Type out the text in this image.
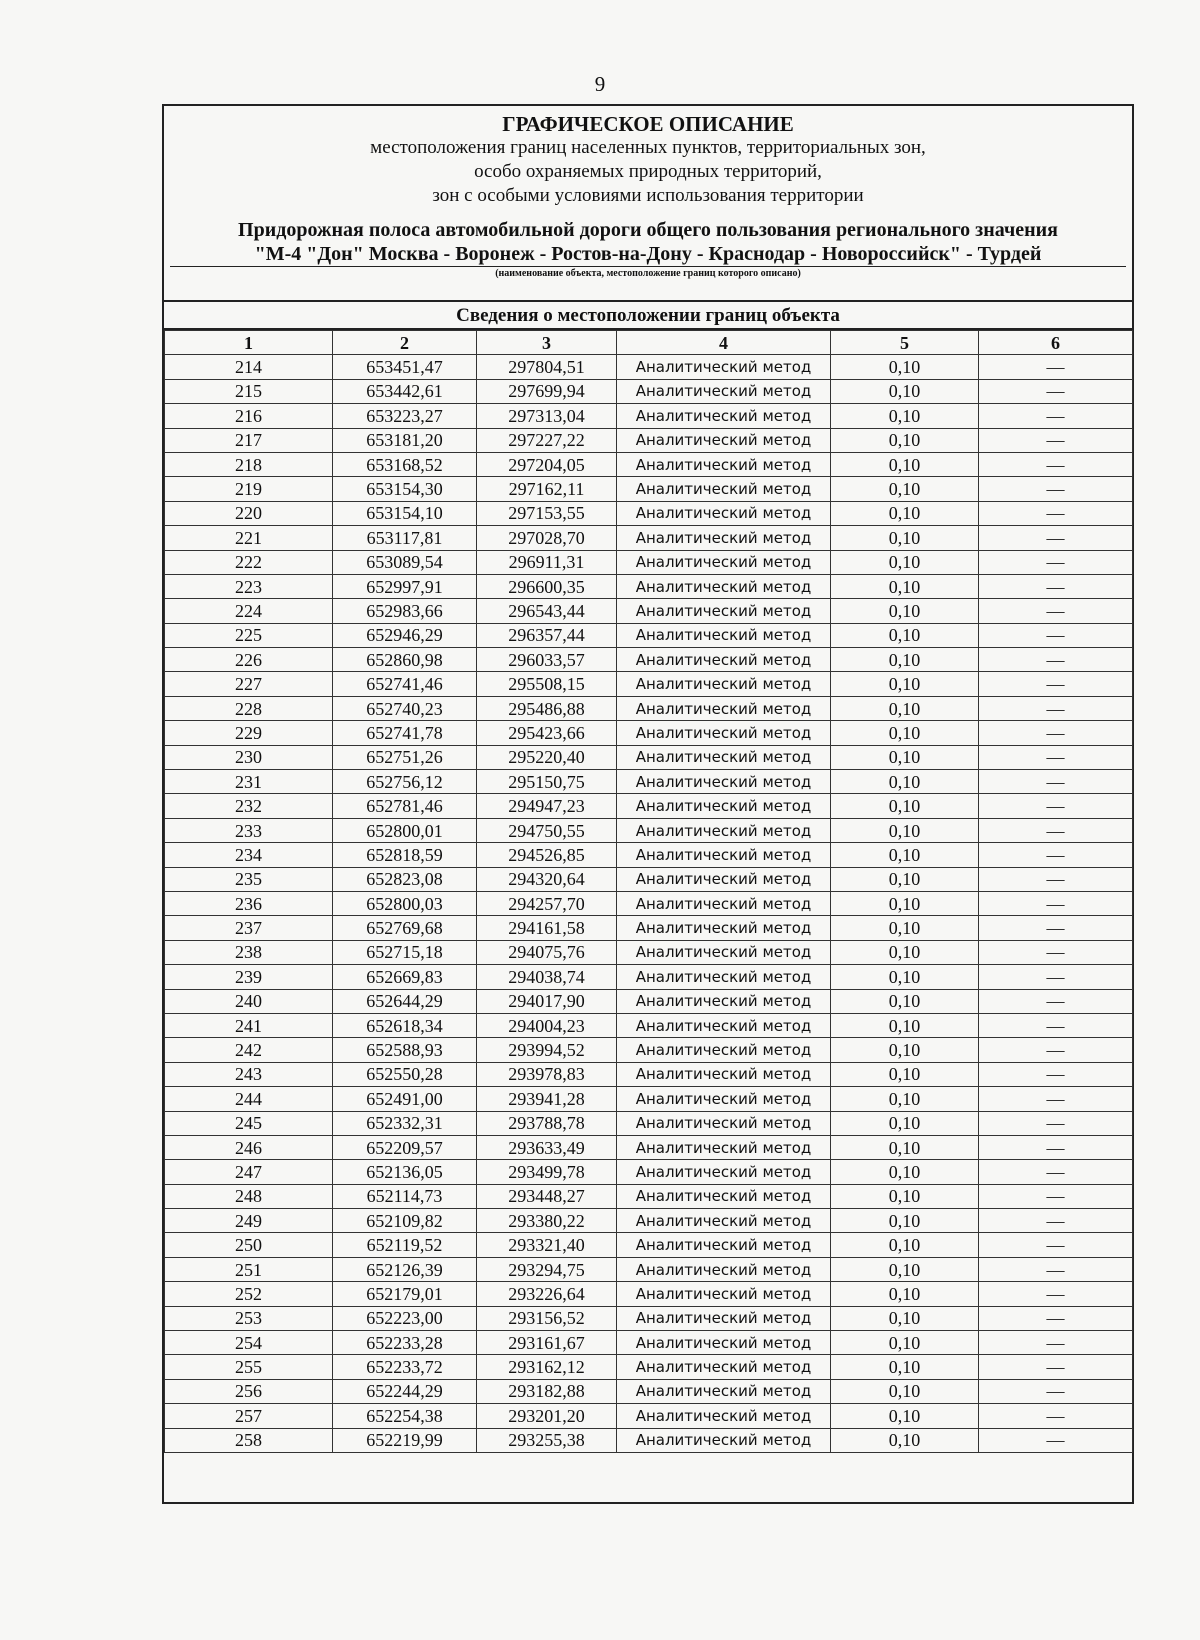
9
ГРАФИЧЕСКОЕ ОПИСАНИЕ
местоположения границ населенных пунктов, территориальных зон,
особо охраняемых природных территорий,
зон с особыми условиями использования территории
Придорожная полоса автомобильной дороги общего пользования регионального значения
"М-4 "Дон" Москва - Воронеж - Ростов-на-Дону - Краснодар - Новороссийск" - Турдей
(наименование объекта, местоположение границ которого описано)
Сведения о местоположении границ объекта
1	2	3	4	5	6
214	653451,47	297804,51	Аналитический метод	0,10	—
215	653442,61	297699,94	Аналитический метод	0,10	—
216	653223,27	297313,04	Аналитический метод	0,10	—
217	653181,20	297227,22	Аналитический метод	0,10	—
218	653168,52	297204,05	Аналитический метод	0,10	—
219	653154,30	297162,11	Аналитический метод	0,10	—
220	653154,10	297153,55	Аналитический метод	0,10	—
221	653117,81	297028,70	Аналитический метод	0,10	—
222	653089,54	296911,31	Аналитический метод	0,10	—
223	652997,91	296600,35	Аналитический метод	0,10	—
224	652983,66	296543,44	Аналитический метод	0,10	—
225	652946,29	296357,44	Аналитический метод	0,10	—
226	652860,98	296033,57	Аналитический метод	0,10	—
227	652741,46	295508,15	Аналитический метод	0,10	—
228	652740,23	295486,88	Аналитический метод	0,10	—
229	652741,78	295423,66	Аналитический метод	0,10	—
230	652751,26	295220,40	Аналитический метод	0,10	—
231	652756,12	295150,75	Аналитический метод	0,10	—
232	652781,46	294947,23	Аналитический метод	0,10	—
233	652800,01	294750,55	Аналитический метод	0,10	—
234	652818,59	294526,85	Аналитический метод	0,10	—
235	652823,08	294320,64	Аналитический метод	0,10	—
236	652800,03	294257,70	Аналитический метод	0,10	—
237	652769,68	294161,58	Аналитический метод	0,10	—
238	652715,18	294075,76	Аналитический метод	0,10	—
239	652669,83	294038,74	Аналитический метод	0,10	—
240	652644,29	294017,90	Аналитический метод	0,10	—
241	652618,34	294004,23	Аналитический метод	0,10	—
242	652588,93	293994,52	Аналитический метод	0,10	—
243	652550,28	293978,83	Аналитический метод	0,10	—
244	652491,00	293941,28	Аналитический метод	0,10	—
245	652332,31	293788,78	Аналитический метод	0,10	—
246	652209,57	293633,49	Аналитический метод	0,10	—
247	652136,05	293499,78	Аналитический метод	0,10	—
248	652114,73	293448,27	Аналитический метод	0,10	—
249	652109,82	293380,22	Аналитический метод	0,10	—
250	652119,52	293321,40	Аналитический метод	0,10	—
251	652126,39	293294,75	Аналитический метод	0,10	—
252	652179,01	293226,64	Аналитический метод	0,10	—
253	652223,00	293156,52	Аналитический метод	0,10	—
254	652233,28	293161,67	Аналитический метод	0,10	—
255	652233,72	293162,12	Аналитический метод	0,10	—
256	652244,29	293182,88	Аналитический метод	0,10	—
257	652254,38	293201,20	Аналитический метод	0,10	—
258	652219,99	293255,38	Аналитический метод	0,10	—
